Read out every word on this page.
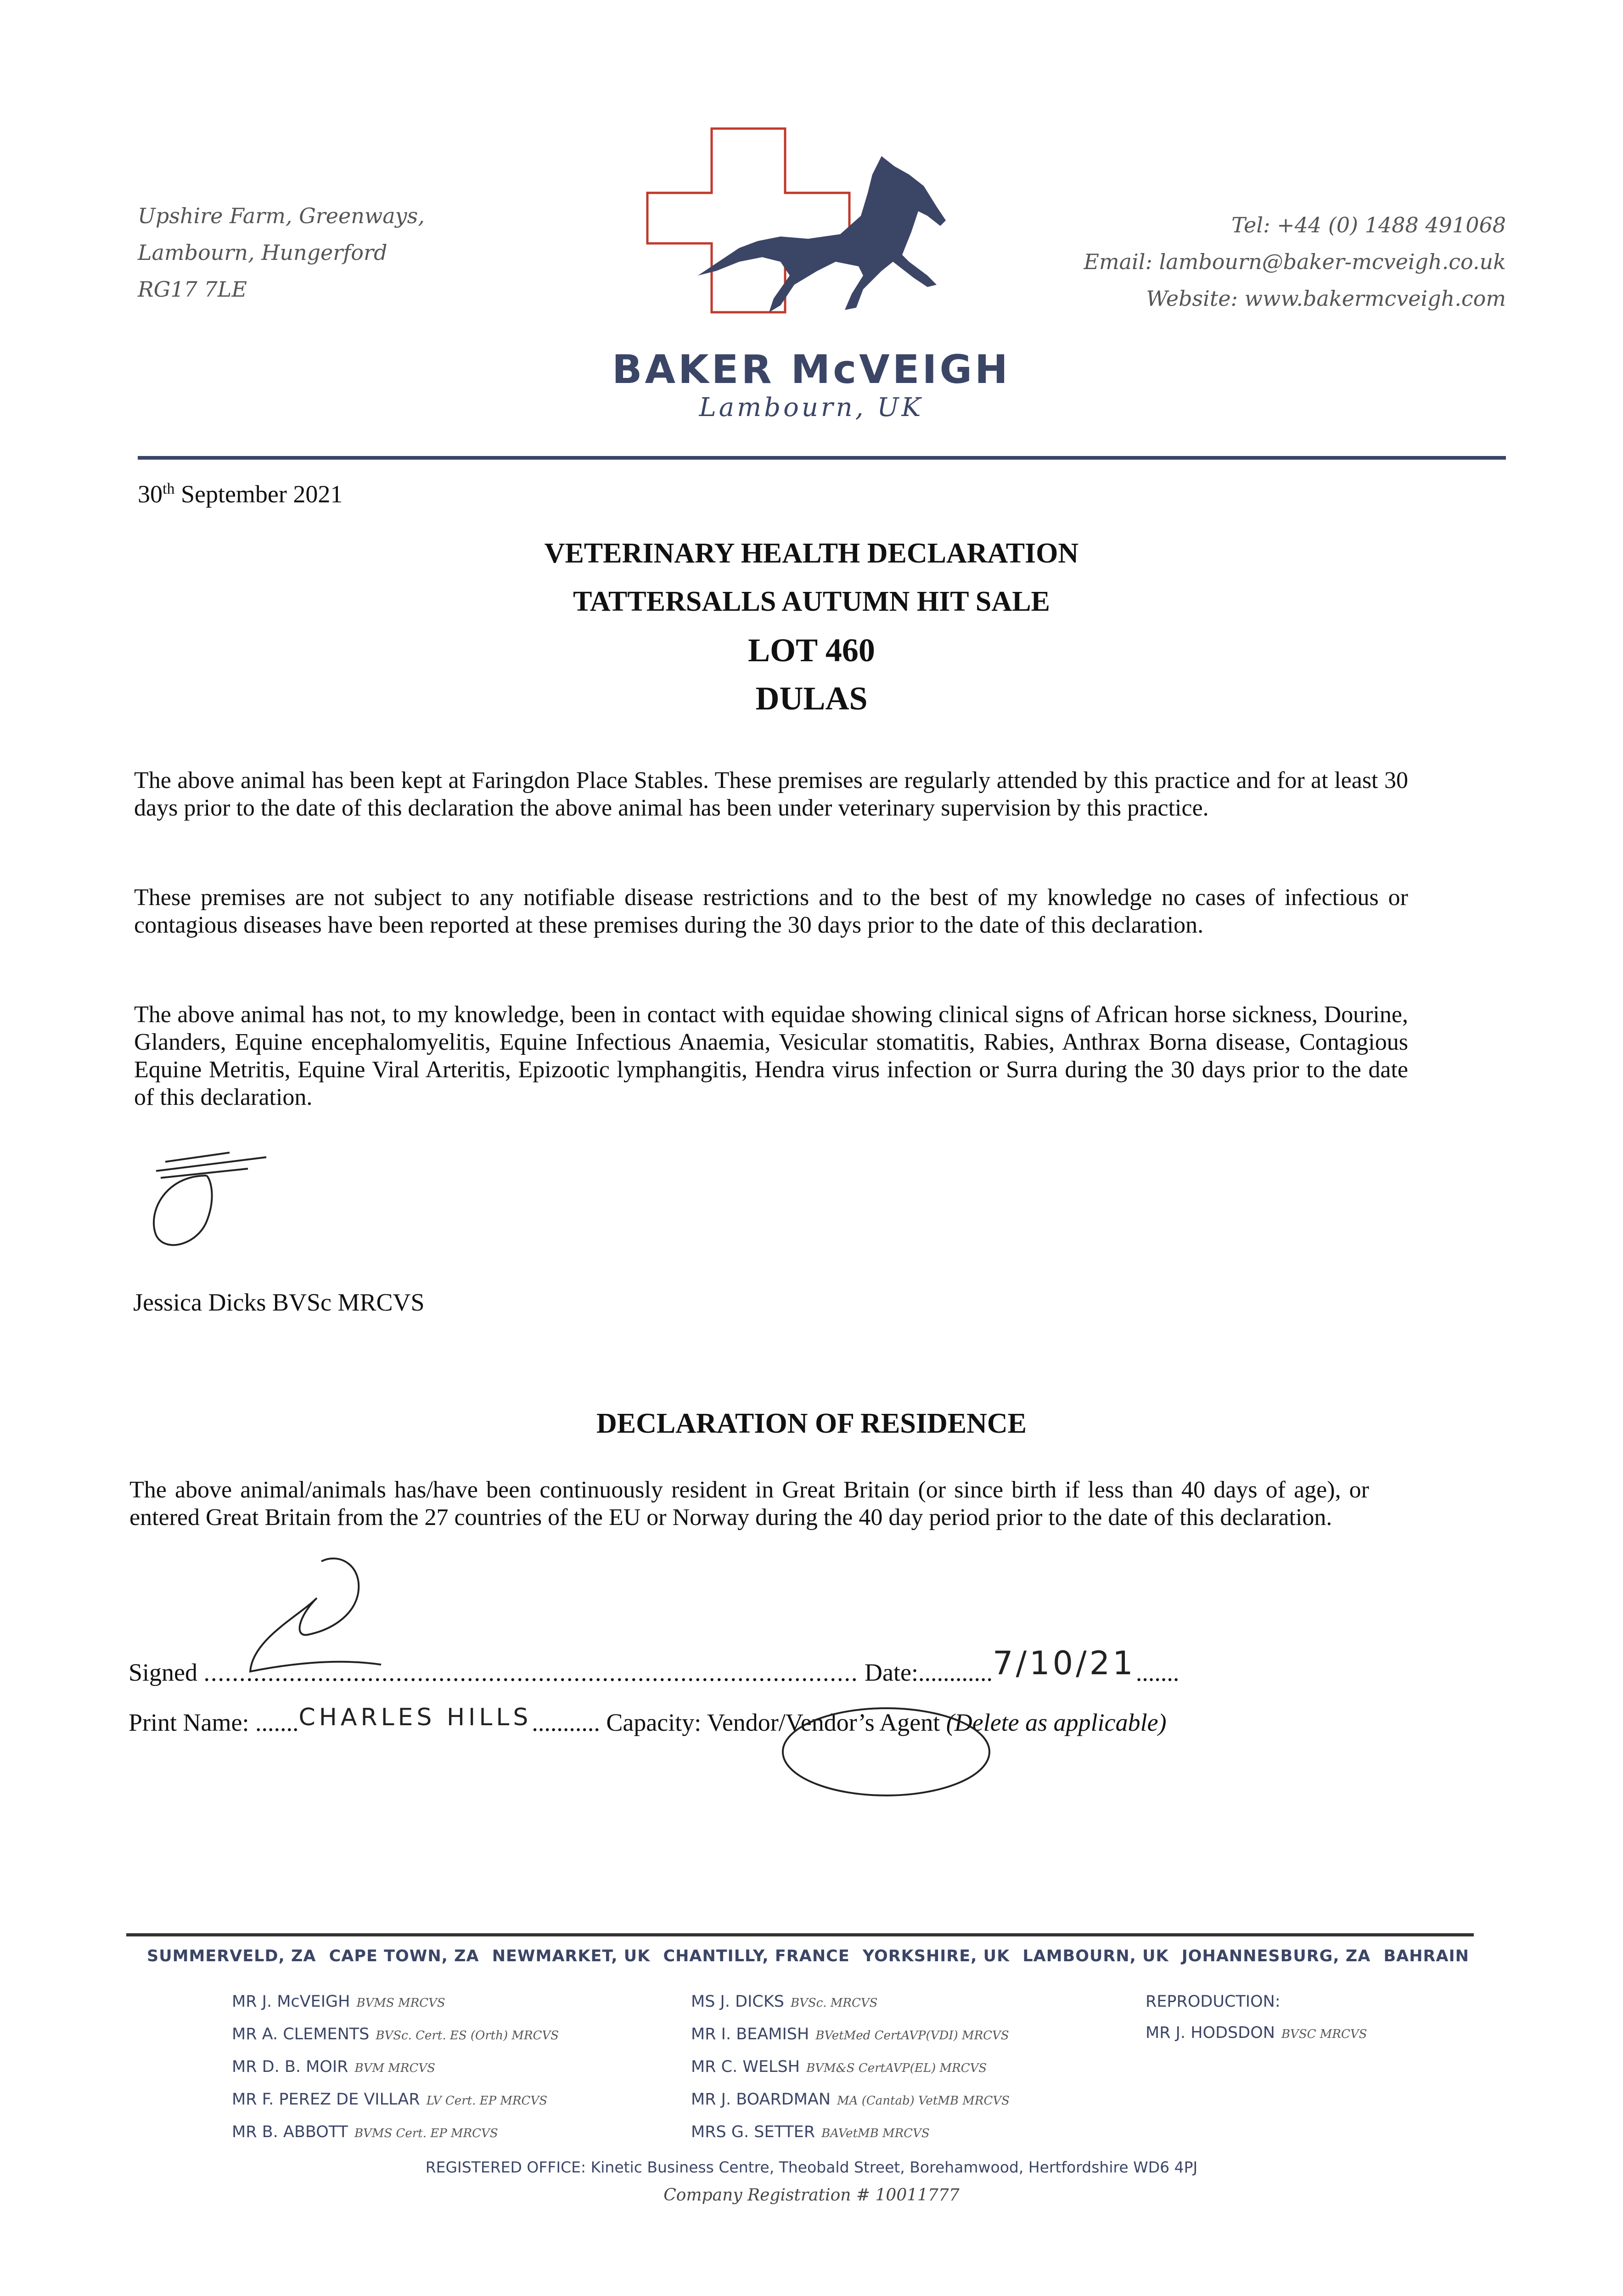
Upshire Farm, Greenways,
Lambourn, Hungerford
RG17 7LE
BAKER McVEIGH
Lambourn, UK
Tel: +44 (0) 1488 491068
Email: lambourn@baker-mcveigh.co.uk
Website: www.bakermcveigh.com
30th September 2021
VETERINARY HEALTH DECLARATION
TATTERSALLS AUTUMN HIT SALE
LOT 460
DULAS
The above animal has been kept at Faringdon Place Stables. These premises are regularly attended by this practice and for at least 30 days prior to the date of this declaration the above animal has been under veterinary supervision by this practice.
These premises are not subject to any notifiable disease restrictions and to the best of my knowledge no cases of infectious or contagious diseases have been reported at these premises during the 30 days prior to the date of this declaration.
The above animal has not, to my knowledge, been in contact with equidae showing clinical signs of African horse sickness, Dourine, Glanders, Equine encephalomyelitis, Equine Infectious Anaemia, Vesicular stomatitis, Rabies, Anthrax Borna disease, Contagious Equine Metritis, Equine Viral Arteritis, Epizootic lymphangitis, Hendra virus infection or Surra during the 30 days prior to the date of this declaration.
Jessica Dicks BVSc MRCVS
DECLARATION OF RESIDENCE
The above animal/animals has/have been continuously resident in Great Britain (or since birth if less than 40 days of age), or entered Great Britain from the 27 countries of the EU or Norway during the 40 day period prior to the date of this declaration.
Signed ............................................................................................ Date:............7/10/21.......
Print Name: .......CHARLES HILLS........... Capacity: Vendor/Vendor’s Agent (Delete as applicable)
SUMMERVELD, ZA CAPE TOWN, ZA NEWMARKET, UK CHANTILLY, FRANCE YORKSHIRE, UK LAMBOURN, UK JOHANNESBURG, ZA BAHRAIN
MR J. McVEIGH BVMS MRCVS
MR A. CLEMENTS BVSc. Cert. ES (Orth) MRCVS
MR D. B. MOIR BVM MRCVS
MR F. PEREZ DE VILLAR LV Cert. EP MRCVS
MR B. ABBOTT BVMS Cert. EP MRCVS
MS J. DICKS BVSc. MRCVS
MR I. BEAMISH BVetMed CertAVP(VDI) MRCVS
MR C. WELSH BVM&S CertAVP(EL) MRCVS
MR J. BOARDMAN MA (Cantab) VetMB MRCVS
MRS G. SETTER BAVetMB MRCVS
REPRODUCTION:
MR J. HODSDON BVSC MRCVS
REGISTERED OFFICE: Kinetic Business Centre, Theobald Street, Borehamwood, Hertfordshire WD6 4PJ
Company Registration # 10011777
